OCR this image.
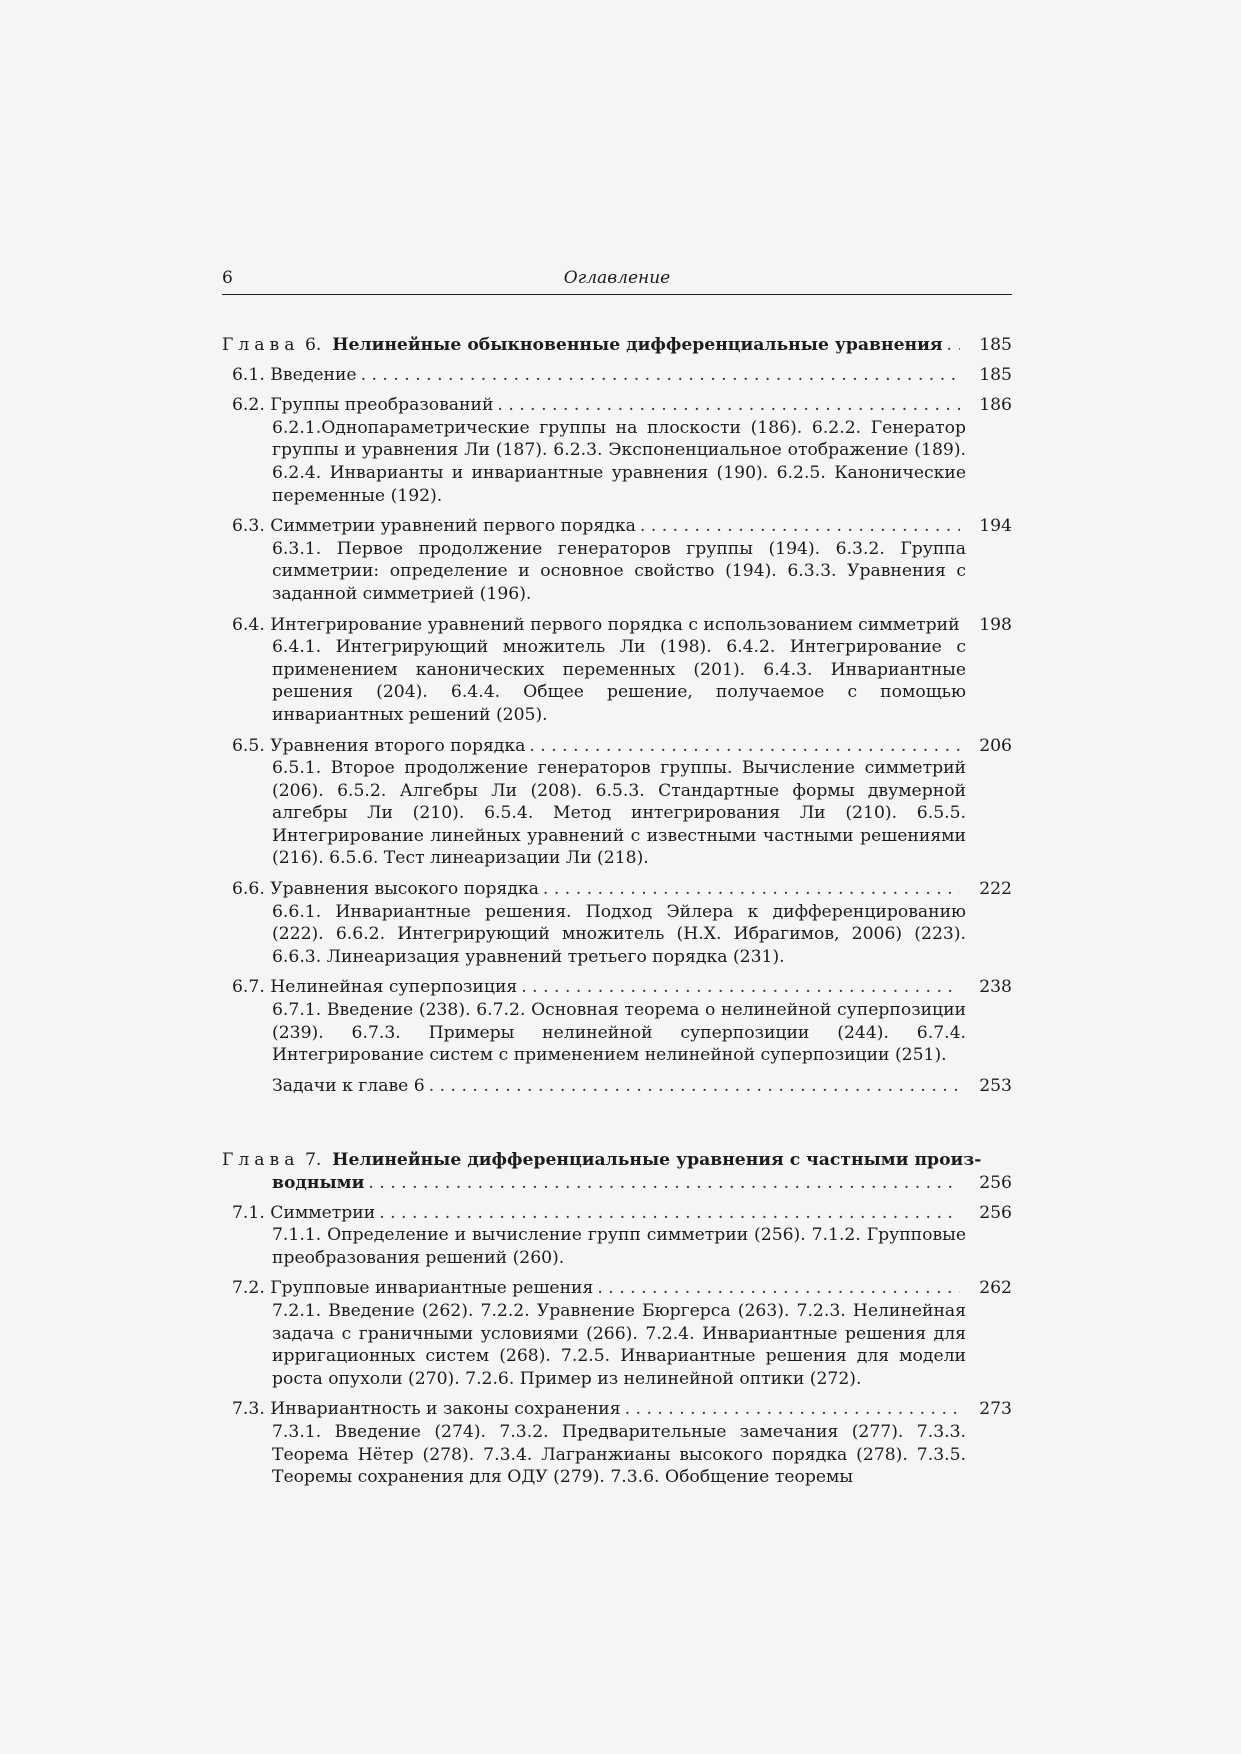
6	Оглавление
Глава 6. Нелинейные обыкновенные дифференциальные уравнения . . . 185
6.1. Введение . . .	185
6.2. Группы преобразований . . .	186
6.2.1.Однопараметрические группы на плоскости (186). 6.2.2. Генератор группы и уравнения Ли (187). 6.2.3. Экспоненциальное отображение (189). 6.2.4. Инварианты и инвариантные уравнения (190). 6.2.5. Канонические переменные (192).
6.3. Симметрии уравнений первого порядка . . .	194
6.3.1. Первое продолжение генераторов группы (194). 6.3.2. Группа симметрии: определение и основное свойство (194). 6.3.3. Уравнения с заданной симметрией (196).
6.4. Интегрирование уравнений первого порядка с использованием симметрий 198
6.4.1. Интегрирующий множитель Ли (198). 6.4.2. Интегрирование с применением канонических переменных (201). 6.4.3. Инвариантные решения (204). 6.4.4. Общее решение, получаемое с помощью инвариантных решений (205).
6.5. Уравнения второго порядка . . .	206
6.5.1. Второе продолжение генераторов группы. Вычисление симметрий (206). 6.5.2. Алгебры Ли (208). 6.5.3. Стандартные формы двумерной алгебры Ли (210). 6.5.4. Метод интегрирования Ли (210). 6.5.5. Интегрирование линейных уравнений с известными частными решениями (216). 6.5.6. Тест линеаризации Ли (218).
6.6. Уравнения высокого порядка . . .	222
6.6.1. Инвариантные решения. Подход Эйлера к дифференцированию (222). 6.6.2. Интегрирующий множитель (Н.Х. Ибрагимов, 2006) (223). 6.6.3. Линеаризация уравнений третьего порядка (231).
6.7. Нелинейная суперпозиция . . .	238
6.7.1. Введение (238). 6.7.2. Основная теорема о нелинейной суперпозиции (239). 6.7.3. Примеры нелинейной суперпозиции (244). 6.7.4. Интегрирование систем с применением нелинейной суперпозиции (251).
Задачи к главе 6 . . .	253
Глава 7. Нелинейные дифференциальные уравнения с частными произ-
водными . . .	256
7.1. Симметрии . . .	256
7.1.1. Определение и вычисление групп симметрии (256). 7.1.2. Групповые преобразования решений (260).
7.2. Групповые инвариантные решения . . .	262
7.2.1. Введение (262). 7.2.2. Уравнение Бюргерса (263). 7.2.3. Нелинейная задача с граничными условиями (266). 7.2.4. Инвариантные решения для ирригационных систем (268). 7.2.5. Инвариантные решения для модели роста опухоли (270). 7.2.6. Пример из нелинейной оптики (272).
7.3. Инвариантность и законы сохранения . . .	273
7.3.1. Введение (274). 7.3.2. Предварительные замечания (277). 7.3.3. Теорема Нётер (278). 7.3.4. Лагранжианы высокого порядка (278). 7.3.5. Теоремы сохранения для ОДУ (279). 7.3.6. Обобщение теоремы
